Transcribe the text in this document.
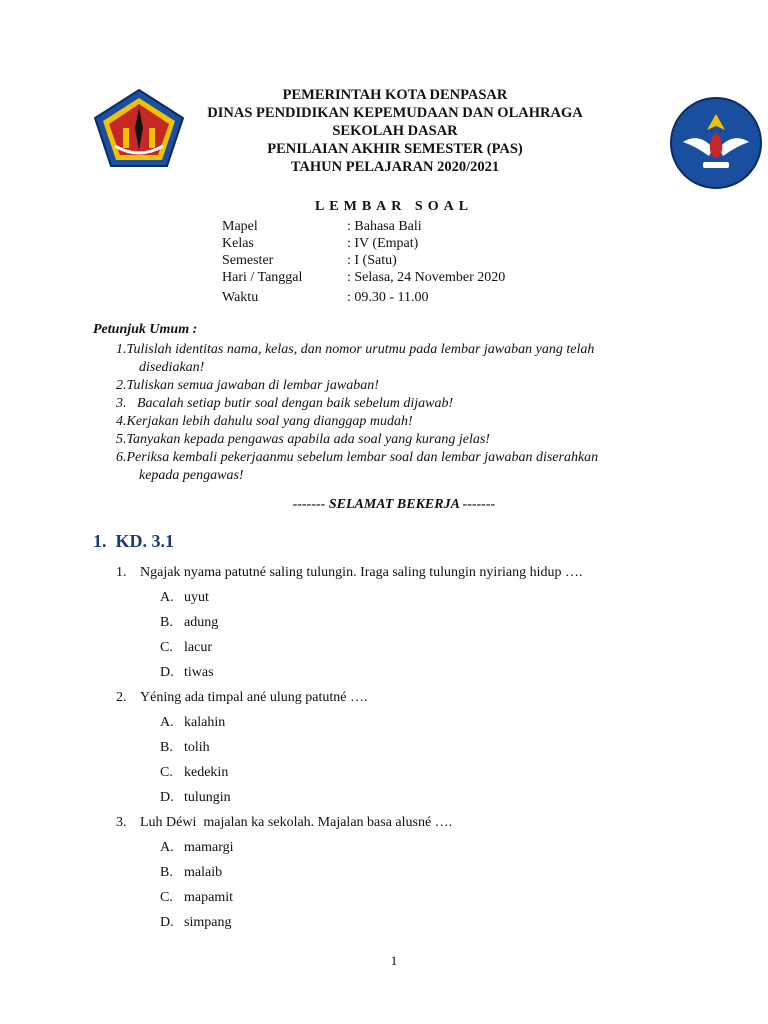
PEMERINTAH KOTA DENPASAR
DINAS PENDIDIKAN KEPEMUDAAN DAN OLAHRAGA
SEKOLAH DASAR
PENILAIAN AKHIR SEMESTER (PAS)
TAHUN PELAJARAN 2020/2021
LEMBAR SOAL
Mapel	: Bahasa Bali
Kelas	: IV (Empat)
Semester	: I (Satu)
Hari / Tanggal	: Selasa, 24 November 2020
Waktu	: 09.30 - 11.00
Petunjuk Umum :
1.Tulislah identitas nama, kelas, dan nomor urutmu pada lembar jawaban yang telah
disediakan!
2.Tuliskan semua jawaban di lembar jawaban!
3.   Bacalah setiap butir soal dengan baik sebelum dijawab!
4.Kerjakan lebih dahulu soal yang dianggap mudah!
5.Tanyakan kepada pengawas apabila ada soal yang kurang jelas!
6.Periksa kembali pekerjaanmu sebelum lembar soal dan lembar jawaban diserahkan
kepada pengawas!
------- SELAMAT BEKERJA -------
1.  KD. 3.1
1. Ngajak nyama patutné saling tulungin. Iraga saling tulungin nyiriang hidup ….
A. uyut
B. adung
C. lacur
D. tiwas
2. Yéning ada timpal ané ulung patutné ….
A. kalahin
B. tolih
C. kedekin
D. tulungin
3. Luh Déwi  majalan ka sekolah. Majalan basa alusné ….
A. mamargi
B. malaib
C. mapamit
D. simpang
1
